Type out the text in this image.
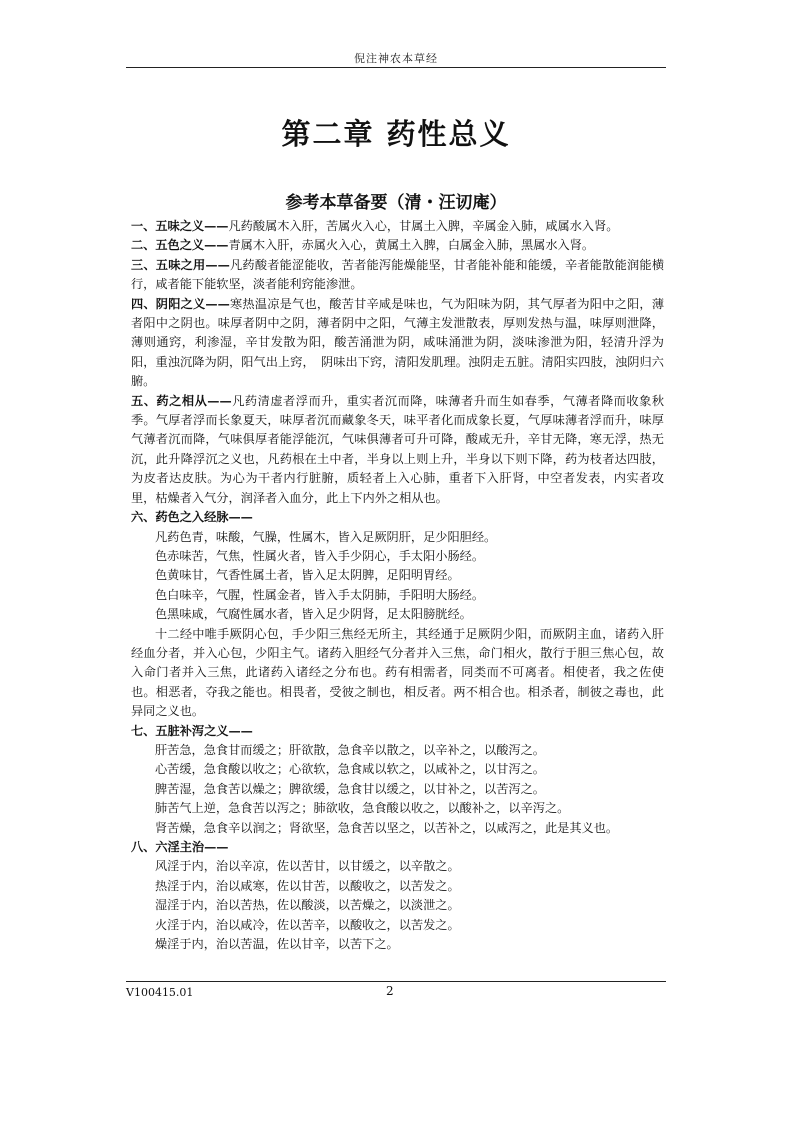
倪注神农本草经
第二章 药性总义
参考本草备要（清・汪讱庵）

一、五味之义——凡药酸属木入肝，苦属火入心，甘属土入脾，辛属金入肺，咸属水入肾。

二、五色之义——青属木入肝，赤属火入心，黄属土入脾，白属金入肺，黑属水入肾。

三、五味之用——凡药酸者能涩能收，苦者能泻能燥能坚，甘者能补能和能缓，辛者能散能润能横行，咸者能下能软坚，淡者能利窍能渗泄。

四、阴阳之义——寒热温凉是气也，酸苦甘辛咸是味也，气为阳味为阴，其气厚者为阳中之阳，薄者阳中之阴也。味厚者阴中之阴，薄者阴中之阳，气薄主发泄散表，厚则发热与温，味厚则泄降，薄则通窍，利渗湿，辛甘发散为阳，酸苦涌泄为阴，咸味涌泄为阴，淡味渗泄为阳，轻清升浮为阳，重浊沉降为阴，阳气出上窍，　阴味出下窍，清阳发肌理。浊阴走五脏。清阳实四肢，浊阴归六腑。

五、药之相从——凡药清虚者浮而升，重实者沉而降，味薄者升而生如春季，气薄者降而收象秋季。气厚者浮而长象夏天，味厚者沉而藏象冬天，味平者化而成象长夏，气厚味薄者浮而升，味厚气薄者沉而降，气味俱厚者能浮能沉，气味俱薄者可升可降，酸咸无升，辛甘无降，寒无浮，热无沉，此升降浮沉之义也，凡药根在土中者，半身以上则上升，半身以下则下降，药为枝者达四肢，为皮者达皮肤。为心为干者内行脏腑，质轻者上入心肺，重者下入肝肾，中空者发表，内实者攻里，枯燥者入气分，润泽者入血分，此上下内外之相从也。

六、药色之入经脉——

凡药色青，味酸，气臊，性属木，皆入足厥阴肝，足少阳胆经。

色赤味苦，气焦，性属火者，皆入手少阴心，手太阳小肠经。

色黄味甘，气香性属土者，皆入足太阴脾，足阳明胃经。

色白味辛，气腥，性属金者，皆入手太阴肺，手阳明大肠经。

色黑味咸，气腐性属水者，皆入足少阴肾，足太阳膀胱经。

十二经中唯手厥阴心包，手少阳三焦经无所主，其经通于足厥阴少阳，而厥阴主血，诸药入肝经血分者，并入心包，少阳主气。诸药入胆经气分者并入三焦，命门相火，散行于胆三焦心包，故入命门者并入三焦，此诸药入诸经之分布也。药有相需者，同类而不可离者。相使者，我之佐使也。相恶者，夺我之能也。相畏者，受彼之制也，相反者。两不相合也。相杀者，制彼之毒也，此异同之义也。

七、五脏补泻之义——

肝苦急，急食甘而缓之；肝欲散，急食辛以散之，以辛补之，以酸泻之。

心苦缓，急食酸以收之；心欲软，急食咸以软之，以咸补之，以甘泻之。

脾苦湿，急食苦以燥之；脾欲缓，急食甘以缓之，以甘补之，以苦泻之。

肺苦气上逆，急食苦以泻之；肺欲收，急食酸以收之，以酸补之，以辛泻之。

肾苦燥，急食辛以润之；肾欲坚，急食苦以坚之，以苦补之，以咸泻之，此是其义也。

八、六淫主治——

风淫于内，治以辛凉，佐以苦甘，以甘缓之，以辛散之。

热淫于内，治以咸寒，佐以甘苦，以酸收之，以苦发之。

湿淫于内，治以苦热，佐以酸淡，以苦燥之，以淡泄之。

火淫于内，治以咸冷，佐以苦辛，以酸收之，以苦发之。

燥淫于内，治以苦温，佐以甘辛，以苦下之。

V100415.01	2
